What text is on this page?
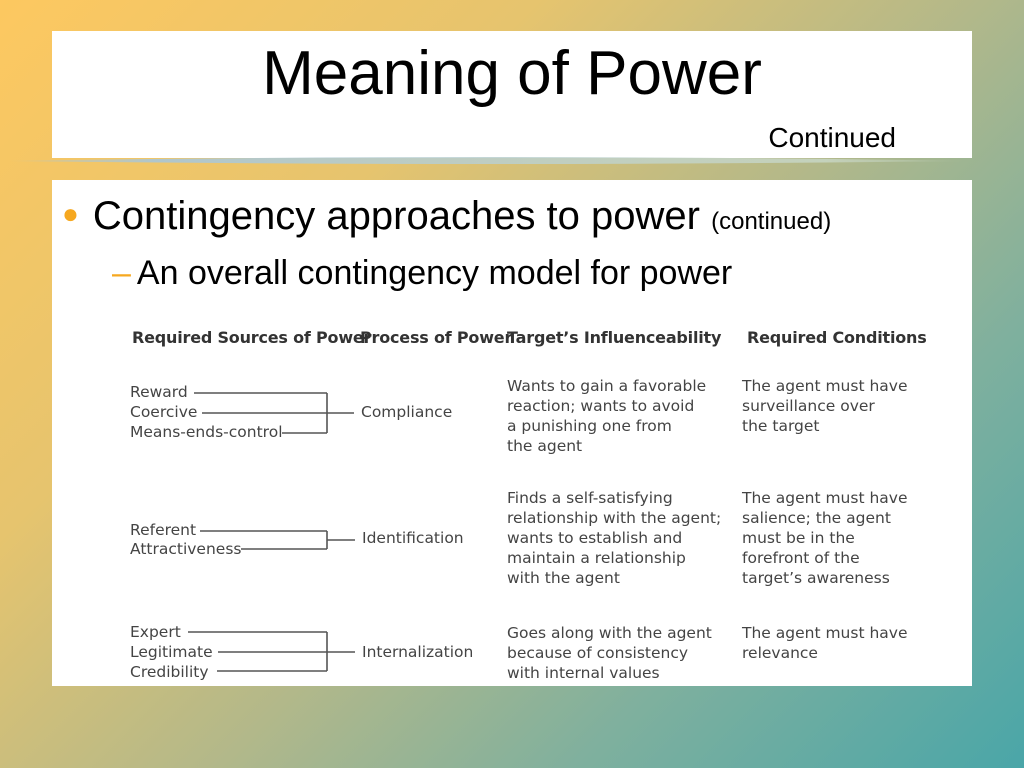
Meaning of Power
Continued
● Contingency approaches to power (continued)
– An overall contingency model for power
Required Sources of Power
Process of Power
Target’s Influenceability Required Conditions
Reward
Coercive
Means-ends-control
Compliance
Wants to gain a favorable
reaction; wants to avoid
a punishing one from
the agent
The agent must have
surveillance over
the target
Referent
Attractiveness
Identification
Finds a self-satisfying
relationship with the agent;
wants to establish and
maintain a relationship
with the agent
The agent must have
salience; the agent
must be in the
forefront of the
target’s awareness
Expert
Legitimate
Credibility
Internalization
Goes along with the agent
because of consistency
with internal values
The agent must have
relevance
